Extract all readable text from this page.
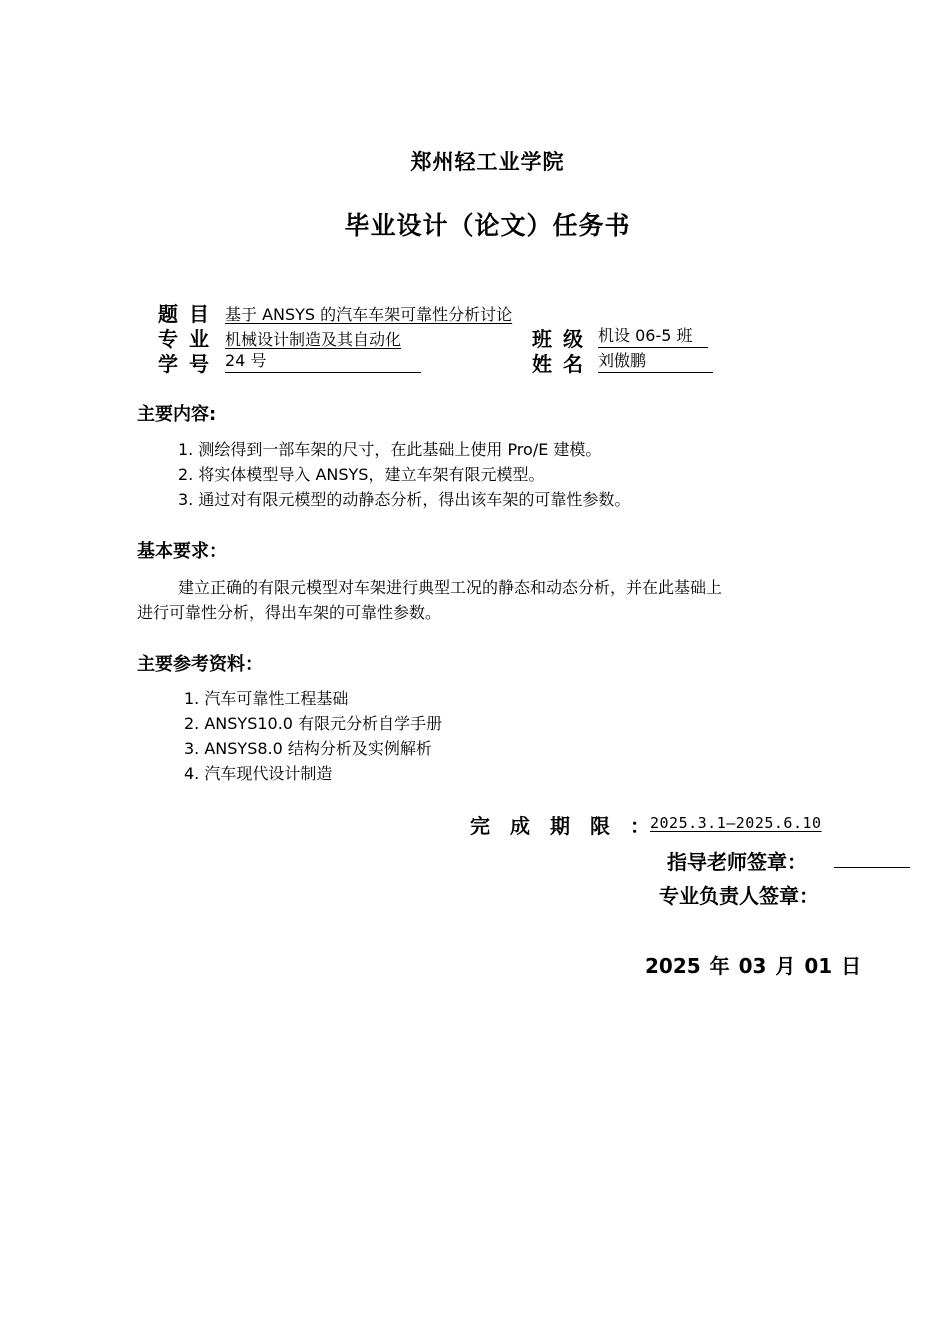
郑州轻工业学院
毕业设计（论文）任务书
题 目 基于 ANSYS 的汽车车架可靠性分析讨论
专 业 机械设计制造及其自动化	班 级 机设 06-5 班
学 号 24 号	姓 名 刘傲鹏
主要内容:
1. 测绘得到一部车架的尺寸，在此基础上使用 Pro/E 建模。
2. 将实体模型导入 ANSYS，建立车架有限元模型。
3. 通过对有限元模型的动静态分析，得出该车架的可靠性参数。
基本要求：
建立正确的有限元模型对车架进行典型工况的静态和动态分析，并在此基础上
进行可靠性分析，得出车架的可靠性参数。
主要参考资料：
1. 汽车可靠性工程基础
2. ANSYS10.0 有限元分析自学手册
3. ANSYS8.0 结构分析及实例解析
4. 汽车现代设计制造
完成期限：
2025.3.1—2025.6.10
指导老师签章：
专业负责人签章：
2025 年 03 月 01 日
